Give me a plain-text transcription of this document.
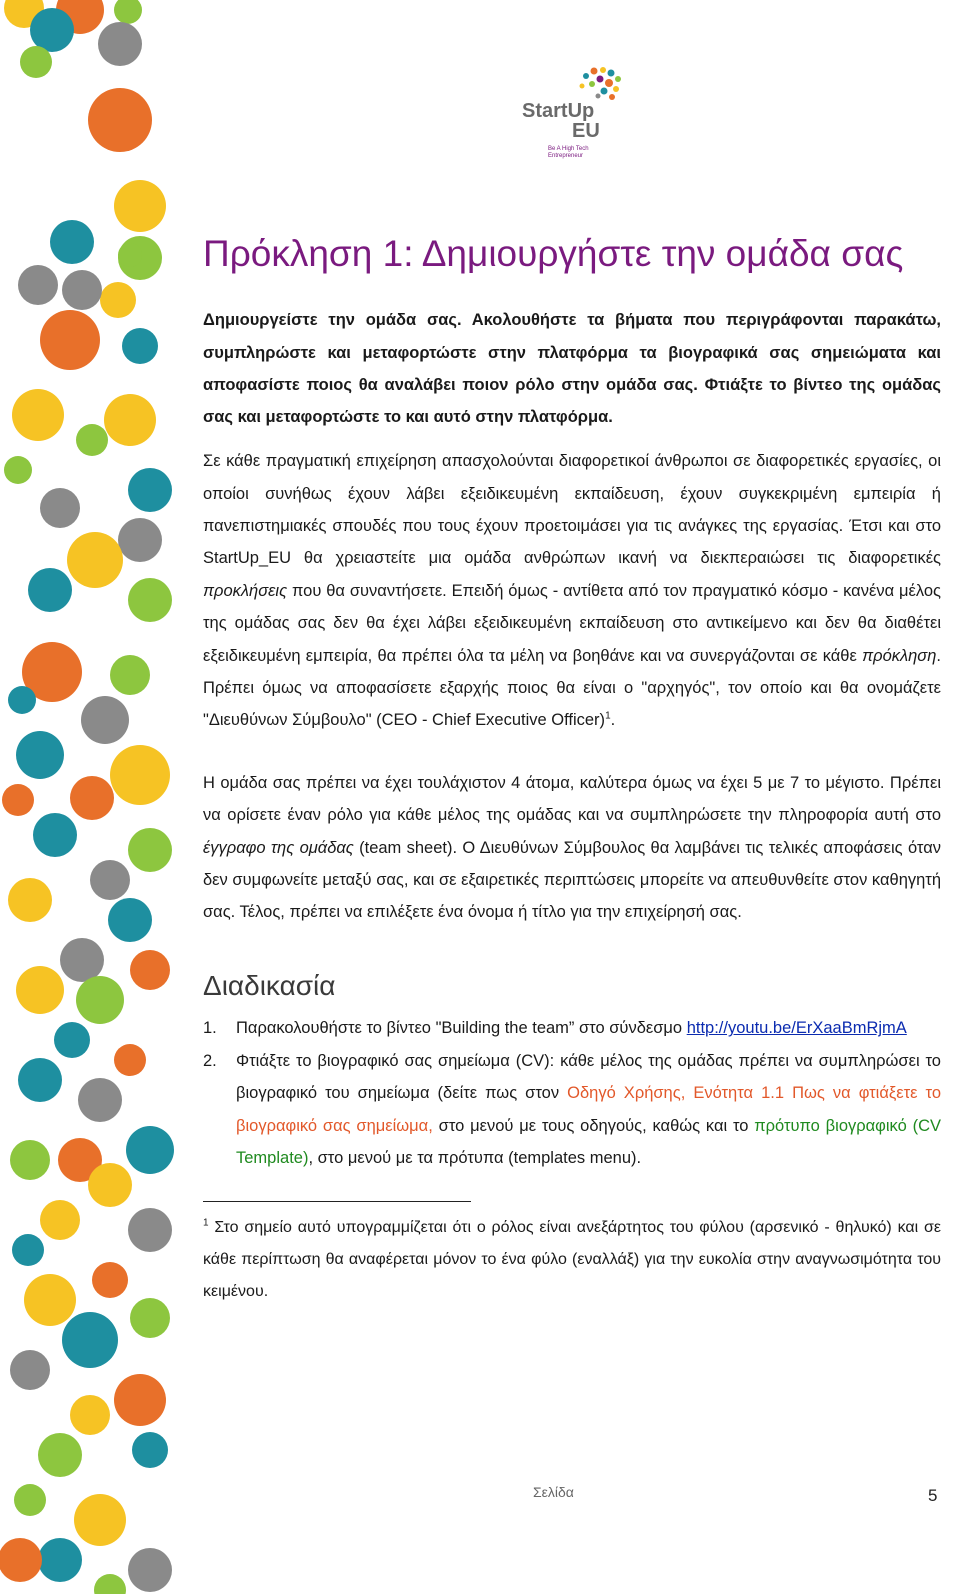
StartUp
EU
Be A High Tech
Entrepreneur
Πρόκληση 1: Δημιουργήστε την ομάδα σας

Δημιουργείστε την ομάδα σας. Ακολουθήστε τα βήματα που περιγράφονται παρακάτω, συμπληρώστε και μεταφορτώστε στην πλατφόρμα τα βιογραφικά σας σημειώματα και αποφασίστε ποιος θα αναλάβει ποιον ρόλο στην ομάδα σας. Φτιάξτε το βίντεο της ομάδας σας και μεταφορτώστε το και αυτό στην πλατφόρμα.

Σε κάθε πραγματική επιχείρηση απασχολούνται διαφορετικοί άνθρωποι σε διαφορετικές εργασίες, οι οποίοι συνήθως έχουν λάβει εξειδικευμένη εκπαίδευση, έχουν συγκεκριμένη εμπειρία ή πανεπιστημιακές σπουδές που τους έχουν προετοιμάσει για τις ανάγκες της εργασίας. Έτσι και στο StartUp_EU θα χρειαστείτε μια ομάδα ανθρώπων ικανή να διεκπεραιώσει τις διαφορετικές προκλήσεις που θα συναντήσετε. Επειδή όμως - αντίθετα από τον πραγματικό κόσμο - κανένα μέλος της ομάδας σας δεν θα έχει λάβει εξειδικευμένη εκπαίδευση στο αντικείμενο και δεν θα διαθέτει εξειδικευμένη εμπειρία, θα πρέπει όλα τα μέλη να βοηθάνε και να συνεργάζονται σε κάθε πρόκληση. Πρέπει όμως να αποφασίσετε εξαρχής ποιος θα είναι ο "αρχηγός", τον οποίο και θα ονομάζετε "Διευθύνων Σύμβουλο" (CEO - Chief Executive Officer)$^1$.

Η ομάδα σας πρέπει να έχει τουλάχιστον 4 άτομα, καλύτερα όμως να έχει 5 με 7 το μέγιστο. Πρέπει να ορίσετε έναν ρόλο για κάθε μέλος της ομάδας και να συμπληρώσετε την πληροφορία αυτή στο έγγραφο της ομάδας (team sheet). Ο Διευθύνων Σύμβουλος θα λαμβάνει τις τελικές αποφάσεις όταν δεν συμφωνείτε μεταξύ σας, και σε εξαιρετικές περιπτώσεις μπορείτε να απευθυνθείτε στον καθηγητή σας. Τέλος, πρέπει να επιλέξετε ένα όνομα ή τίτλο για την επιχείρησή σας.

Διαδικασία
1. Παρακολουθήστε το βίντεο "Building the team” στο σύνδεσμο http://youtu.be/ErXaaBmRjmA
2. Φτιάξτε το βιογραφικό σας σημείωμα (CV): κάθε μέλος της ομάδας πρέπει να συμπληρώσει το βιογραφικό του σημείωμα (δείτε πως στον Οδηγό Χρήσης, Ενότητα 1.1 Πως να φτιάξετε το βιογραφικό σας σημείωμα, στο μενού με τους οδηγούς, καθώς και το πρότυπο βιογραφικό (CV Template), στο μενού με τα πρότυπα (templates menu).

$^1$ Στο σημείο αυτό υπογραμμίζεται ότι ο ρόλος είναι ανεξάρτητος του φύλου (αρσενικό - θηλυκό) και σε κάθε περίπτωση θα αναφέρεται μόνον το ένα φύλο (εναλλάξ) για την ευκολία στην αναγνωσιμότητα του κειμένου.

Σελίδα	5
